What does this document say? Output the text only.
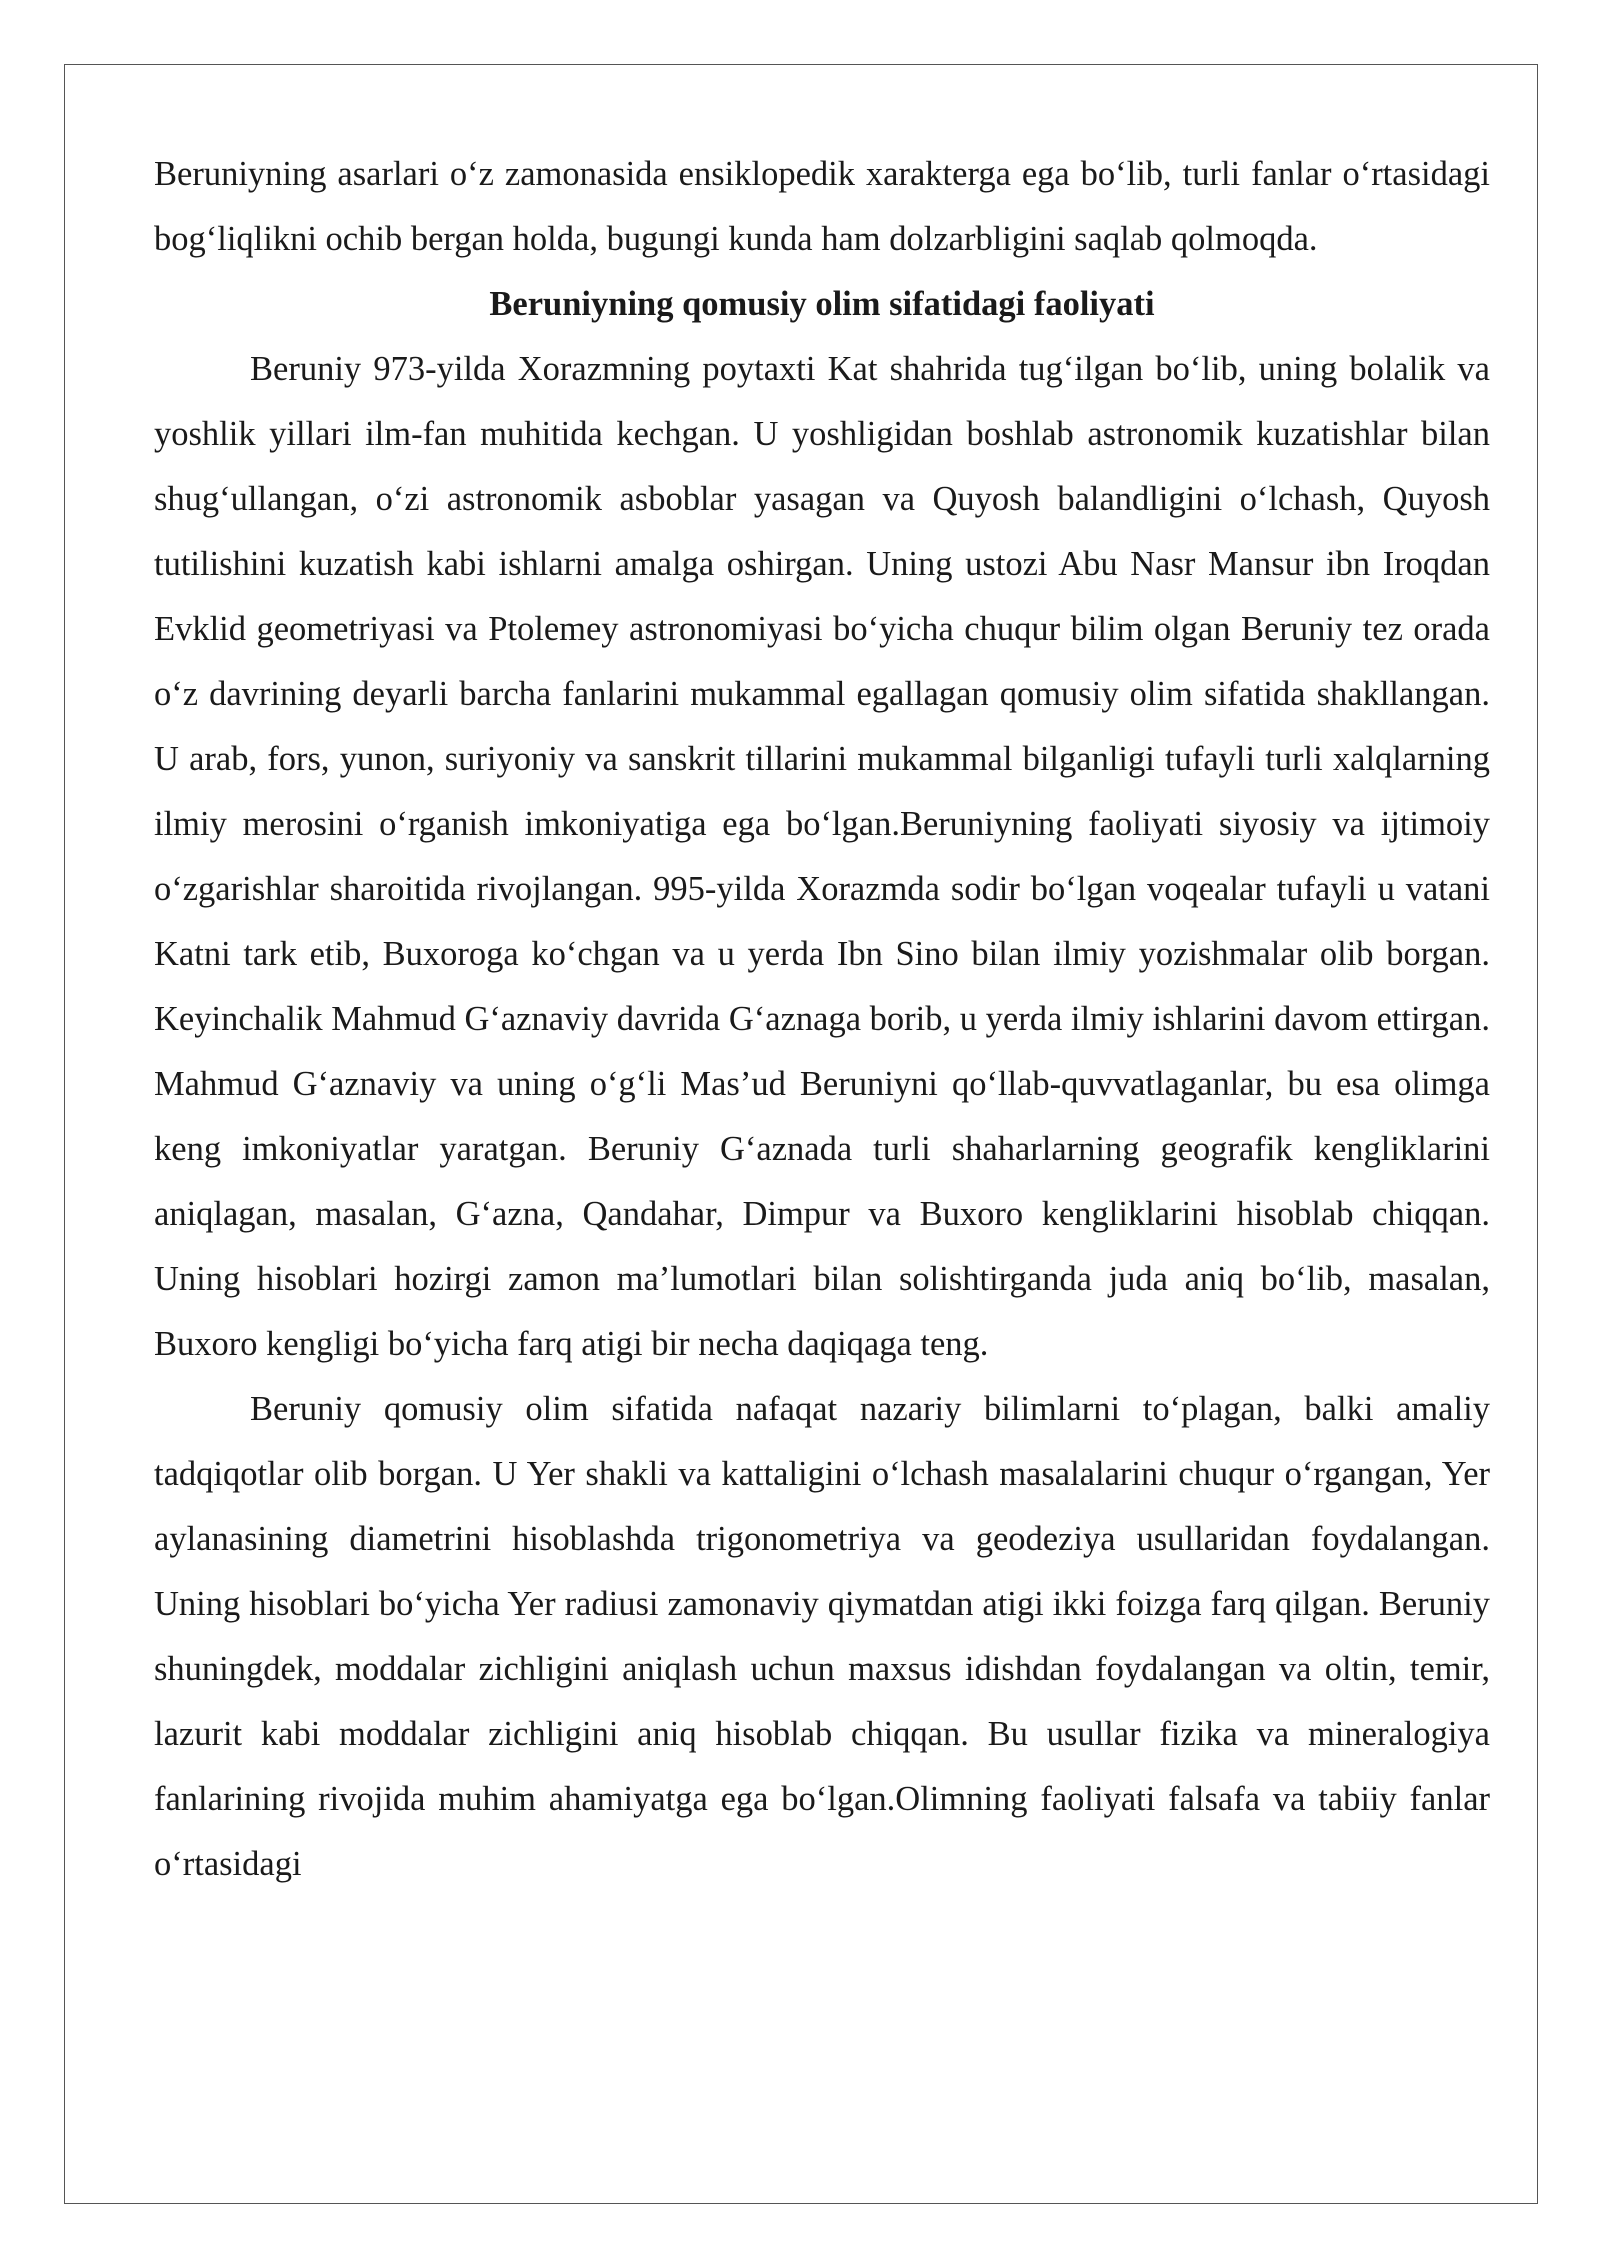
Beruniyning asarlari o‘z zamonasida ensiklopedik xarakterga ega bo‘lib, turli fanlar o‘rtasidagi bog‘liqlikni ochib bergan holda, bugungi kunda ham dolzarbligini saqlab qolmoqda.

Beruniyning qomusiy olim sifatidagi faoliyati

Beruniy 973-yilda Xorazmning poytaxti Kat shahrida tug‘ilgan bo‘lib, uning bolalik va yoshlik yillari ilm-fan muhitida kechgan. U yoshligidan boshlab astronomik kuzatishlar bilan shug‘ullangan, o‘zi astronomik asboblar yasagan va Quyosh balandligini o‘lchash, Quyosh tutilishini kuzatish kabi ishlarni amalga oshirgan. Uning ustozi Abu Nasr Mansur ibn Iroqdan Evklid geometriyasi va Ptolemey astronomiyasi bo‘yicha chuqur bilim olgan Beruniy tez orada o‘z davrining deyarli barcha fanlarini mukammal egallagan qomusiy olim sifatida shakllangan. U arab, fors, yunon, suriyoniy va sanskrit tillarini mukammal bilganligi tufayli turli xalqlarning ilmiy merosini o‘rganish imkoniyatiga ega bo‘lgan.Beruniyning faoliyati siyosiy va ijtimoiy o‘zgarishlar sharoitida rivojlangan. 995-yilda Xorazmda sodir bo‘lgan voqealar tufayli u vatani Katni tark etib, Buxoroga ko‘chgan va u yerda Ibn Sino bilan ilmiy yozishmalar olib borgan. Keyinchalik Mahmud G‘aznaviy davrida G‘aznaga borib, u yerda ilmiy ishlarini davom ettirgan. Mahmud G‘aznaviy va uning o‘g‘li Mas’ud Beruniyni qo‘llab-quvvatlaganlar, bu esa olimga keng imkoniyatlar yaratgan. Beruniy G‘aznada turli shaharlarning geografik kengliklarini aniqlagan, masalan, G‘azna, Qandahar, Dimpur va Buxoro kengliklarini hisoblab chiqqan. Uning hisoblari hozirgi zamon ma’lumotlari bilan solishtirganda juda aniq bo‘lib, masalan, Buxoro kengligi bo‘yicha farq atigi bir necha daqiqaga teng.

Beruniy qomusiy olim sifatida nafaqat nazariy bilimlarni to‘plagan, balki amaliy tadqiqotlar olib borgan. U Yer shakli va kattaligini o‘lchash masalalarini chuqur o‘rgangan, Yer aylanasining diametrini hisoblashda trigonometriya va geodeziya usullaridan foydalangan. Uning hisoblari bo‘yicha Yer radiusi zamonaviy qiymatdan atigi ikki foizga farq qilgan. Beruniy shuningdek, moddalar zichligini aniqlash uchun maxsus idishdan foydalangan va oltin, temir, lazurit kabi moddalar zichligini aniq hisoblab chiqqan. Bu usullar fizika va mineralogiya fanlarining rivojida muhim ahamiyatga ega bo‘lgan.Olimning faoliyati falsafa va tabiiy fanlar o‘rtasidagi
